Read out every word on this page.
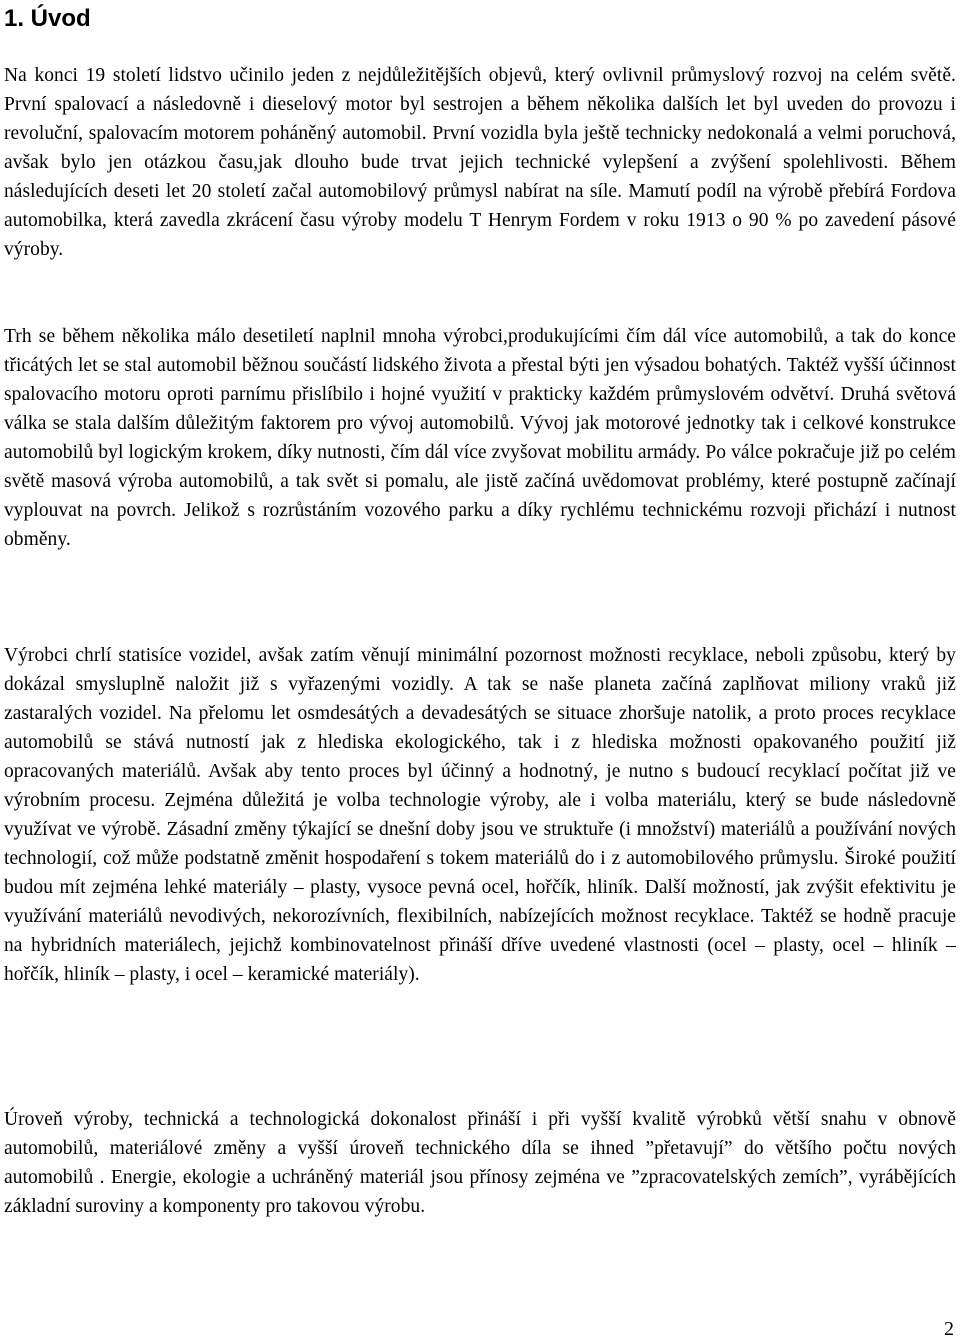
1. Úvod

Na konci 19 století lidstvo učinilo jeden z nejdůležitějších objevů, který ovlivnil průmyslový rozvoj na celém světě. První spalovací a následovně i dieselový motor byl sestrojen a během několika dalších let byl uveden do provozu i revoluční, spalovacím motorem poháněný automobil. První vozidla byla ještě technicky nedokonalá a velmi poruchová, avšak bylo jen otázkou času,jak dlouho bude trvat jejich technické vylepšení a zvýšení spolehlivosti. Během následujících deseti let 20 století začal automobilový průmysl nabírat na síle. Mamutí podíl na výrobě přebírá Fordova automobilka, která zavedla zkrácení času výroby modelu T Henrym Fordem v roku 1913 o 90 % po zavedení pásové výroby.

Trh se během několika málo desetiletí naplnil mnoha výrobci,produkujícími čím dál více automobilů, a tak do konce třicátých let se stal automobil běžnou součástí lidského života a přestal býti jen výsadou bohatých. Taktéž vyšší účinnost spalovacího motoru oproti parnímu přislíbilo i hojné využití v prakticky každém průmyslovém odvětví. Druhá světová válka se stala dalším důležitým faktorem pro vývoj automobilů. Vývoj jak motorové jednotky tak i celkové konstrukce automobilů byl logickým krokem, díky nutnosti, čím dál více zvyšovat mobilitu armády. Po válce pokračuje již po celém světě masová výroba automobilů, a tak svět si pomalu, ale jistě začíná uvědomovat problémy, které postupně začínají vyplouvat na povrch. Jelikož s rozrůstáním vozového parku a díky rychlému technickému rozvoji přichází i nutnost obměny.

Výrobci chrlí statisíce vozidel, avšak zatím věnují minimální pozornost možnosti recyklace, neboli způsobu, který by dokázal smysluplně naložit již s vyřazenými vozidly. A tak se naše planeta začíná zaplňovat miliony vraků již zastaralých vozidel. Na přelomu let osmdesátých a devadesátých se situace zhoršuje natolik, a proto proces recyklace automobilů se stává nutností jak z hlediska ekologického, tak i z hlediska možnosti opakovaného použití již opracovaných materiálů. Avšak aby tento proces byl účinný a hodnotný, je nutno s budoucí recyklací počítat již ve výrobním procesu. Zejména důležitá je volba technologie výroby, ale i volba materiálu, který se bude následovně využívat ve výrobě. Zásadní změny týkající se dnešní doby jsou ve struktuře (i množství) materiálů a používání nových technologií, což může podstatně změnit hospodaření s tokem materiálů do i z automobilového průmyslu. Široké použití budou mít zejména lehké materiály – plasty, vysoce pevná ocel, hořčík, hliník. Další možností, jak zvýšit efektivitu je využívání materiálů nevodivých, nekorozívních, flexibilních, nabízejících možnost recyklace. Taktéž se hodně pracuje na hybridních materiálech, jejichž kombinovatelnost přináší dříve uvedené vlastnosti (ocel – plasty, ocel – hliník – hořčík, hliník – plasty, i ocel – keramické materiály).

Úroveň výroby, technická a technologická dokonalost přináší i při vyšší kvalitě výrobků větší snahu v obnově automobilů, materiálové změny a vyšší úroveň technického díla se ihned ”přetavují” do většího počtu nových automobilů . Energie, ekologie a uchráněný materiál jsou přínosy zejména ve ”zpracovatelských zemích”, vyrábějících základní suroviny a komponenty pro takovou výrobu.

2
